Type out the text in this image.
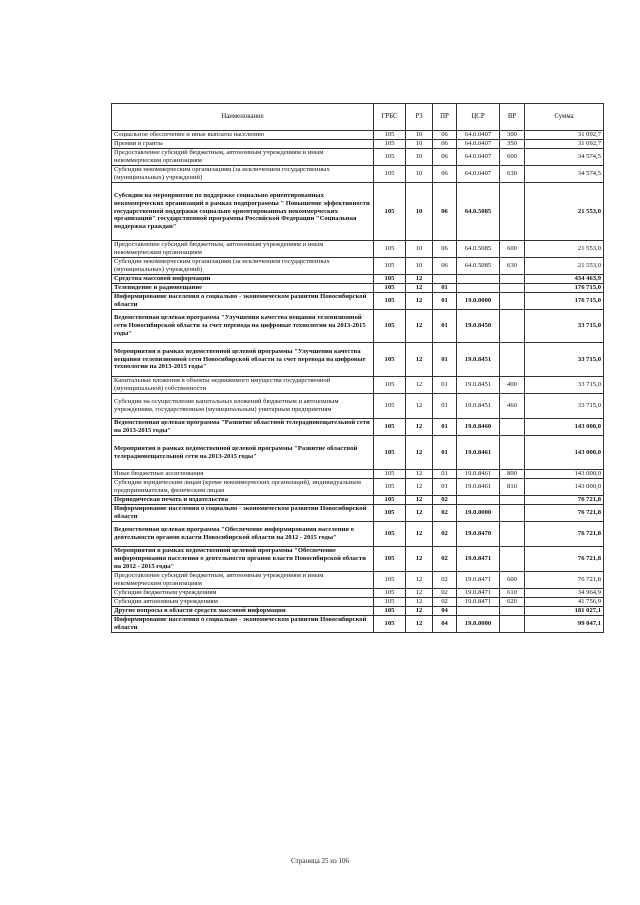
Наименование	ГРБС	РЗ	ПР	ЦСР	ВР	Сумма
Социальное обеспечение и иные выплаты населению	105	10	06	64.0.0407	300	31 092,7
Премии и гранты	105	10	06	64.0.0407	350	31 092,7
Предоставление субсидий бюджетным, автономным учреждениям и иным некоммерческим организациям	105	10	06	64.0.0407	600	34 574,5
Субсидии некоммерческим организациям (за исключением государственных (муниципальных) учреждений)	105	10	06	64.0.0407	630	34 574,5
Субсидии на мероприятия по поддержке социально ориентированных некоммерческих организаций в рамках подпрограммы " Повышение эффективности государственной поддержки социально ориентированных некоммерческих организаций" государственной программы Российской Федерации "Социальная поддержка граждан"	105	10	06	64.0.5085		21 553,0
Предоставление субсидий бюджетным, автономным учреждениям и иным некоммерческим организациям	105	10	06	64.0.5085	600	21 553,0
Субсидии некоммерческим организациям (за исключением государственных (муниципальных) учреждений)	105	10	06	64.0.5085	630	21 553,0
Средства массовой информации	105	12				434 463,9
Телевидение и радиовещание	105	12	01			176 715,0
Информирование населения о социально - экономическом развитии Новосибирской области	105	12	01	19.0.0000		176 715,0
Ведомственная целевая программа "Улучшения качества вещания телевизионной сети Новосибирской области за счет перевода на цифровые технологии на 2013-2015 годы"	105	12	01	19.0.8450		33 715,0
Мероприятия в рамках ведомственной целевой программы "Улучшения качества вещания телевизионной сети Новосибирской области за счет перевода на цифровые технологии на 2013-2015 годы"	105	12	01	19.0.8451		33 715,0
Капитальные вложения в объекты недвижимого имущества государственной (муниципальной) собственности	105	12	01	19.0.8451	400	33 715,0
Субсидии на осуществление капитальных вложений бюджетным и автономным учреждениям, государственным (муниципальным) унитарным предприятиям	105	12	01	19.0.8451	460	33 715,0
Ведомственная целевая программа "Развитие областной телерадиовещательной сети на 2013-2015 годы"	105	12	01	19.0.8460		143 000,0
Мероприятия в рамках ведомственной целевой программы "Развитие областной телерадиовещательной сети на 2013-2015 годы"	105	12	01	19.0.8461		143 000,0
Иные бюджетные ассигнования	105	12	01	19.0.8461	800	143 000,0
Субсидии юридическим лицам (кроме некоммерческих организаций), индивидуальным предпринимателям, физическим лицам	105	12	01	19.0.8461	810	143 000,0
Периодическая печать и издательства	105	12	02			76 721,8
Информирование населения о социально - экономическом развитии Новосибирской области	105	12	02	19.0.0000		76 721,8
Ведомственная целевая программа "Обеспечение информирования населения о деятельности органов власти Новосибирской области на 2012 - 2015 годы"	105	12	02	19.0.8470		76 721,8
Мероприятия в рамках ведомственной целевой программы "Обеспечение информирования населения о деятельности органов власти Новосибирской области на 2012 - 2015 годы"	105	12	02	19.0.8471		76 721,8
Предоставление субсидий бюджетным, автономным учреждениям и иным некоммерческим организациям	105	12	02	19.0.8471	600	76 721,8
Субсидии бюджетным учреждениям	105	12	02	19.0.8471	610	34 964,9
Субсидии автономным учреждениям	105	12	02	19.0.8471	620	41 756,9
Другие вопросы в области средств массовой информации	105	12	04			181 027,1
Информирование населения о социально - экономическом развитии Новосибирской области	105	12	04	19.0.0000		99 047,1
Страница 25 из 106
